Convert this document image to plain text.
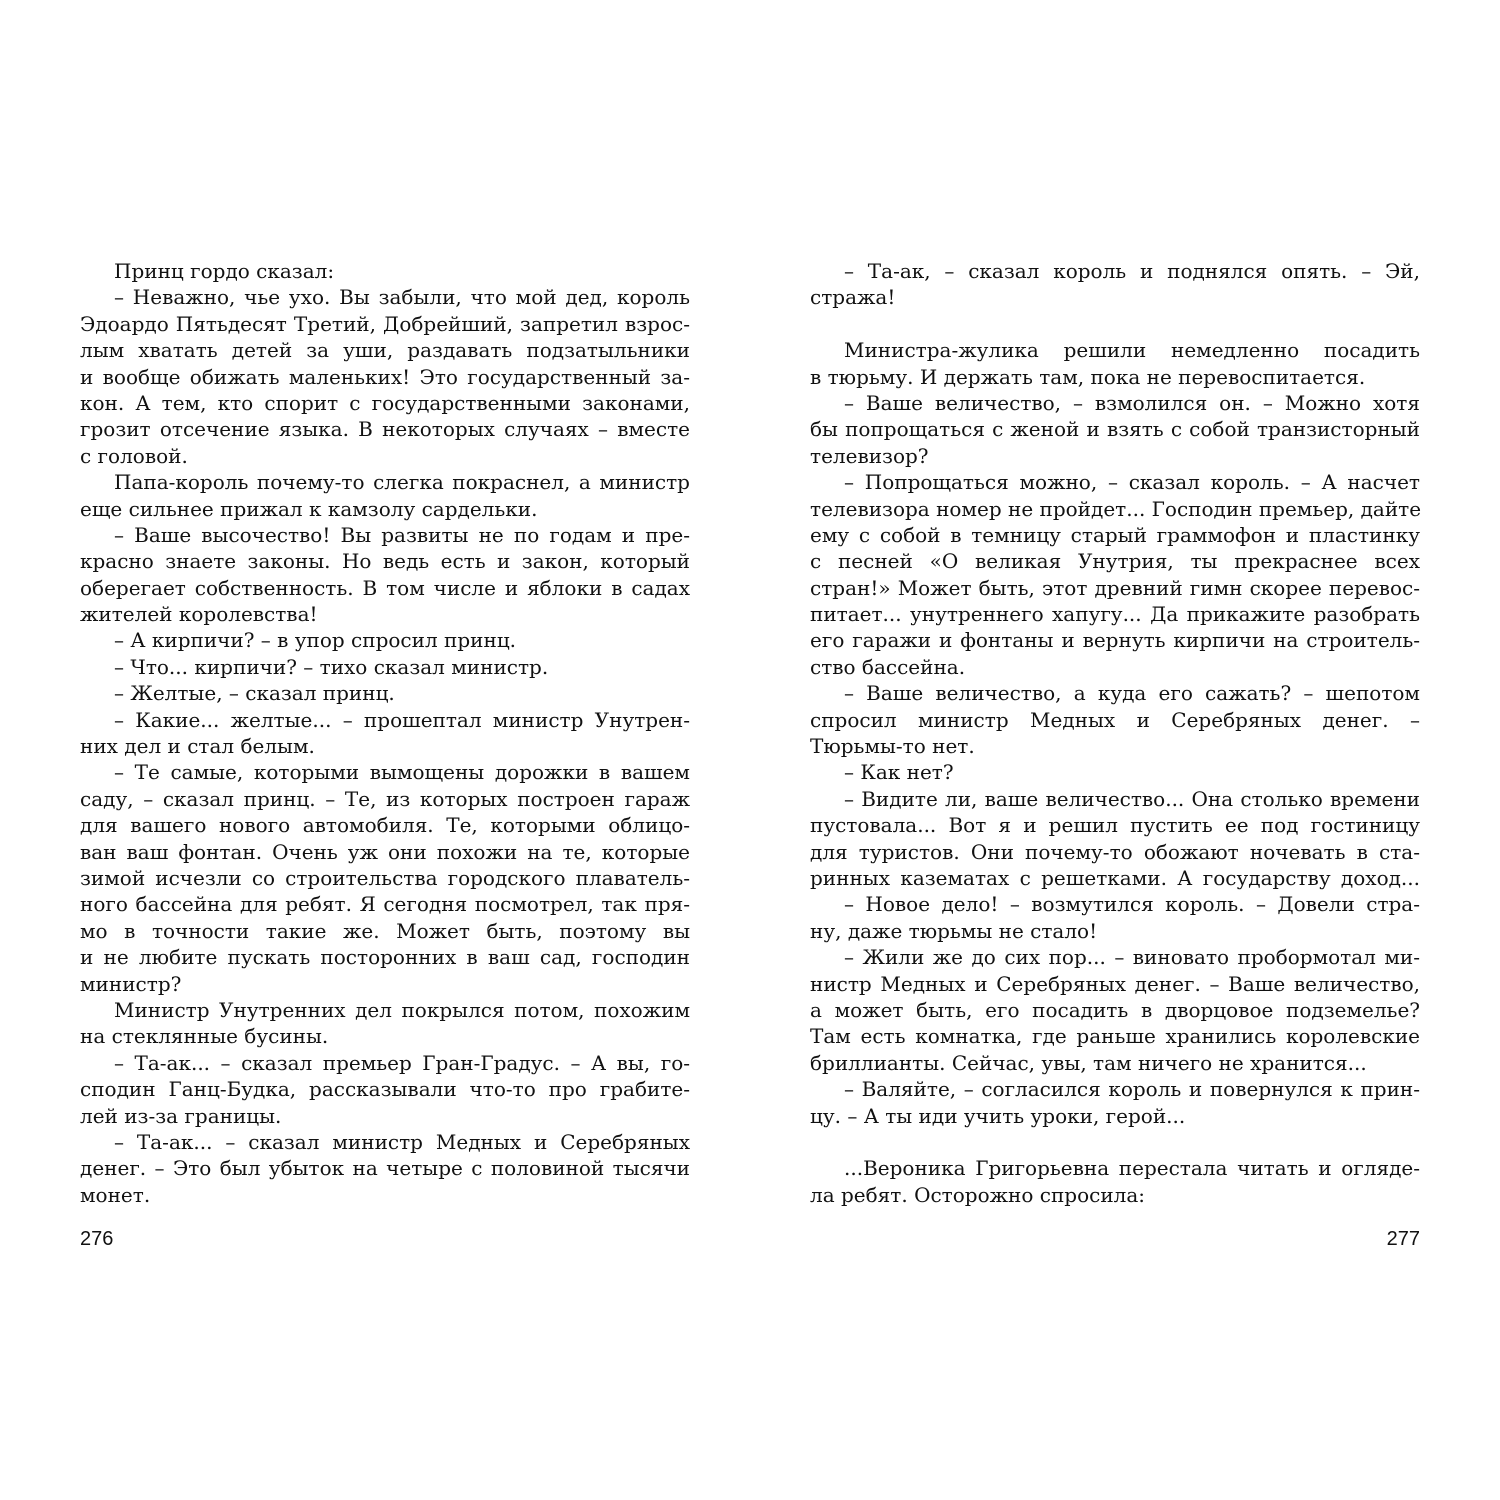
Принц гордо сказал:
– Неважно, чье ухо. Вы забыли, что мой дед, король
Эдоардо Пятьдесят Третий, Добрейший, запретил взрос-
лым хватать детей за уши, раздавать подзатыльники
и вообще обижать маленьких! Это государственный за-
кон. А тем, кто спорит с государственными законами,
грозит отсечение языка. В некоторых случаях – вместе
с головой.
Папа-король почему-то слегка покраснел, а министр
еще сильнее прижал к камзолу сардельки.
– Ваше высочество! Вы развиты не по годам и пре-
красно знаете законы. Но ведь есть и закон, который
оберегает собственность. В том числе и яблоки в садах
жителей королевства!
– А кирпичи? – в упор спросил принц.
– Что... кирпичи? – тихо сказал министр.
– Желтые, – сказал принц.
– Какие... желтые... – прошептал министр Унутрен-
них дел и стал белым.
– Те самые, которыми вымощены дорожки в вашем
саду, – сказал принц. – Те, из которых построен гараж
для вашего нового автомобиля. Те, которыми облицо-
ван ваш фонтан. Очень уж они похожи на те, которые
зимой исчезли со строительства городского плаватель-
ного бассейна для ребят. Я сегодня посмотрел, так пря-
мо в точности такие же. Может быть, поэтому вы
и не любите пускать посторонних в ваш сад, господин
министр?
Министр Унутренних дел покрылся потом, похожим
на стеклянные бусины.
– Та-ак... – сказал премьер Гран-Градус. – А вы, го-
сподин Ганц-Будка, рассказывали что-то про грабите-
лей из-за границы.
– Та-ак... – сказал министр Медных и Серебряных
денег. – Это был убыток на четыре с половиной тысячи
монет.
276
– Та-ак, – сказал король и поднялся опять. – Эй,
стража!
Министра-жулика решили немедленно посадить
в тюрьму. И держать там, пока не перевоспитается.
– Ваше величество, – взмолился он. – Можно хотя
бы попрощаться с женой и взять с собой транзисторный
телевизор?
– Попрощаться можно, – сказал король. – А насчет
телевизора номер не пройдет... Господин премьер, дайте
ему с собой в темницу старый граммофон и пластинку
с песней «О великая Унутрия, ты прекраснее всех
стран!» Может быть, этот древний гимн скорее перевос-
питает... унутреннего хапугу... Да прикажите разобрать
его гаражи и фонтаны и вернуть кирпичи на строитель-
ство бассейна.
– Ваше величество, а куда его сажать? – шепотом
спросил министр Медных и Серебряных денег. –
Тюрьмы-то нет.
– Как нет?
– Видите ли, ваше величество... Она столько времени
пустовала... Вот я и решил пустить ее под гостиницу
для туристов. Они почему-то обожают ночевать в ста-
ринных казематах с решетками. А государству доход...
– Новое дело! – возмутился король. – Довели стра-
ну, даже тюрьмы не стало!
– Жили же до сих пор... – виновато пробормотал ми-
нистр Медных и Серебряных денег. – Ваше величество,
а может быть, его посадить в дворцовое подземелье?
Там есть комнатка, где раньше хранились королевские
бриллианты. Сейчас, увы, там ничего не хранится...
– Валяйте, – согласился король и повернулся к прин-
цу. – А ты иди учить уроки, герой...
...Вероника Григорьевна перестала читать и огляде-
ла ребят. Осторожно спросила:
277
